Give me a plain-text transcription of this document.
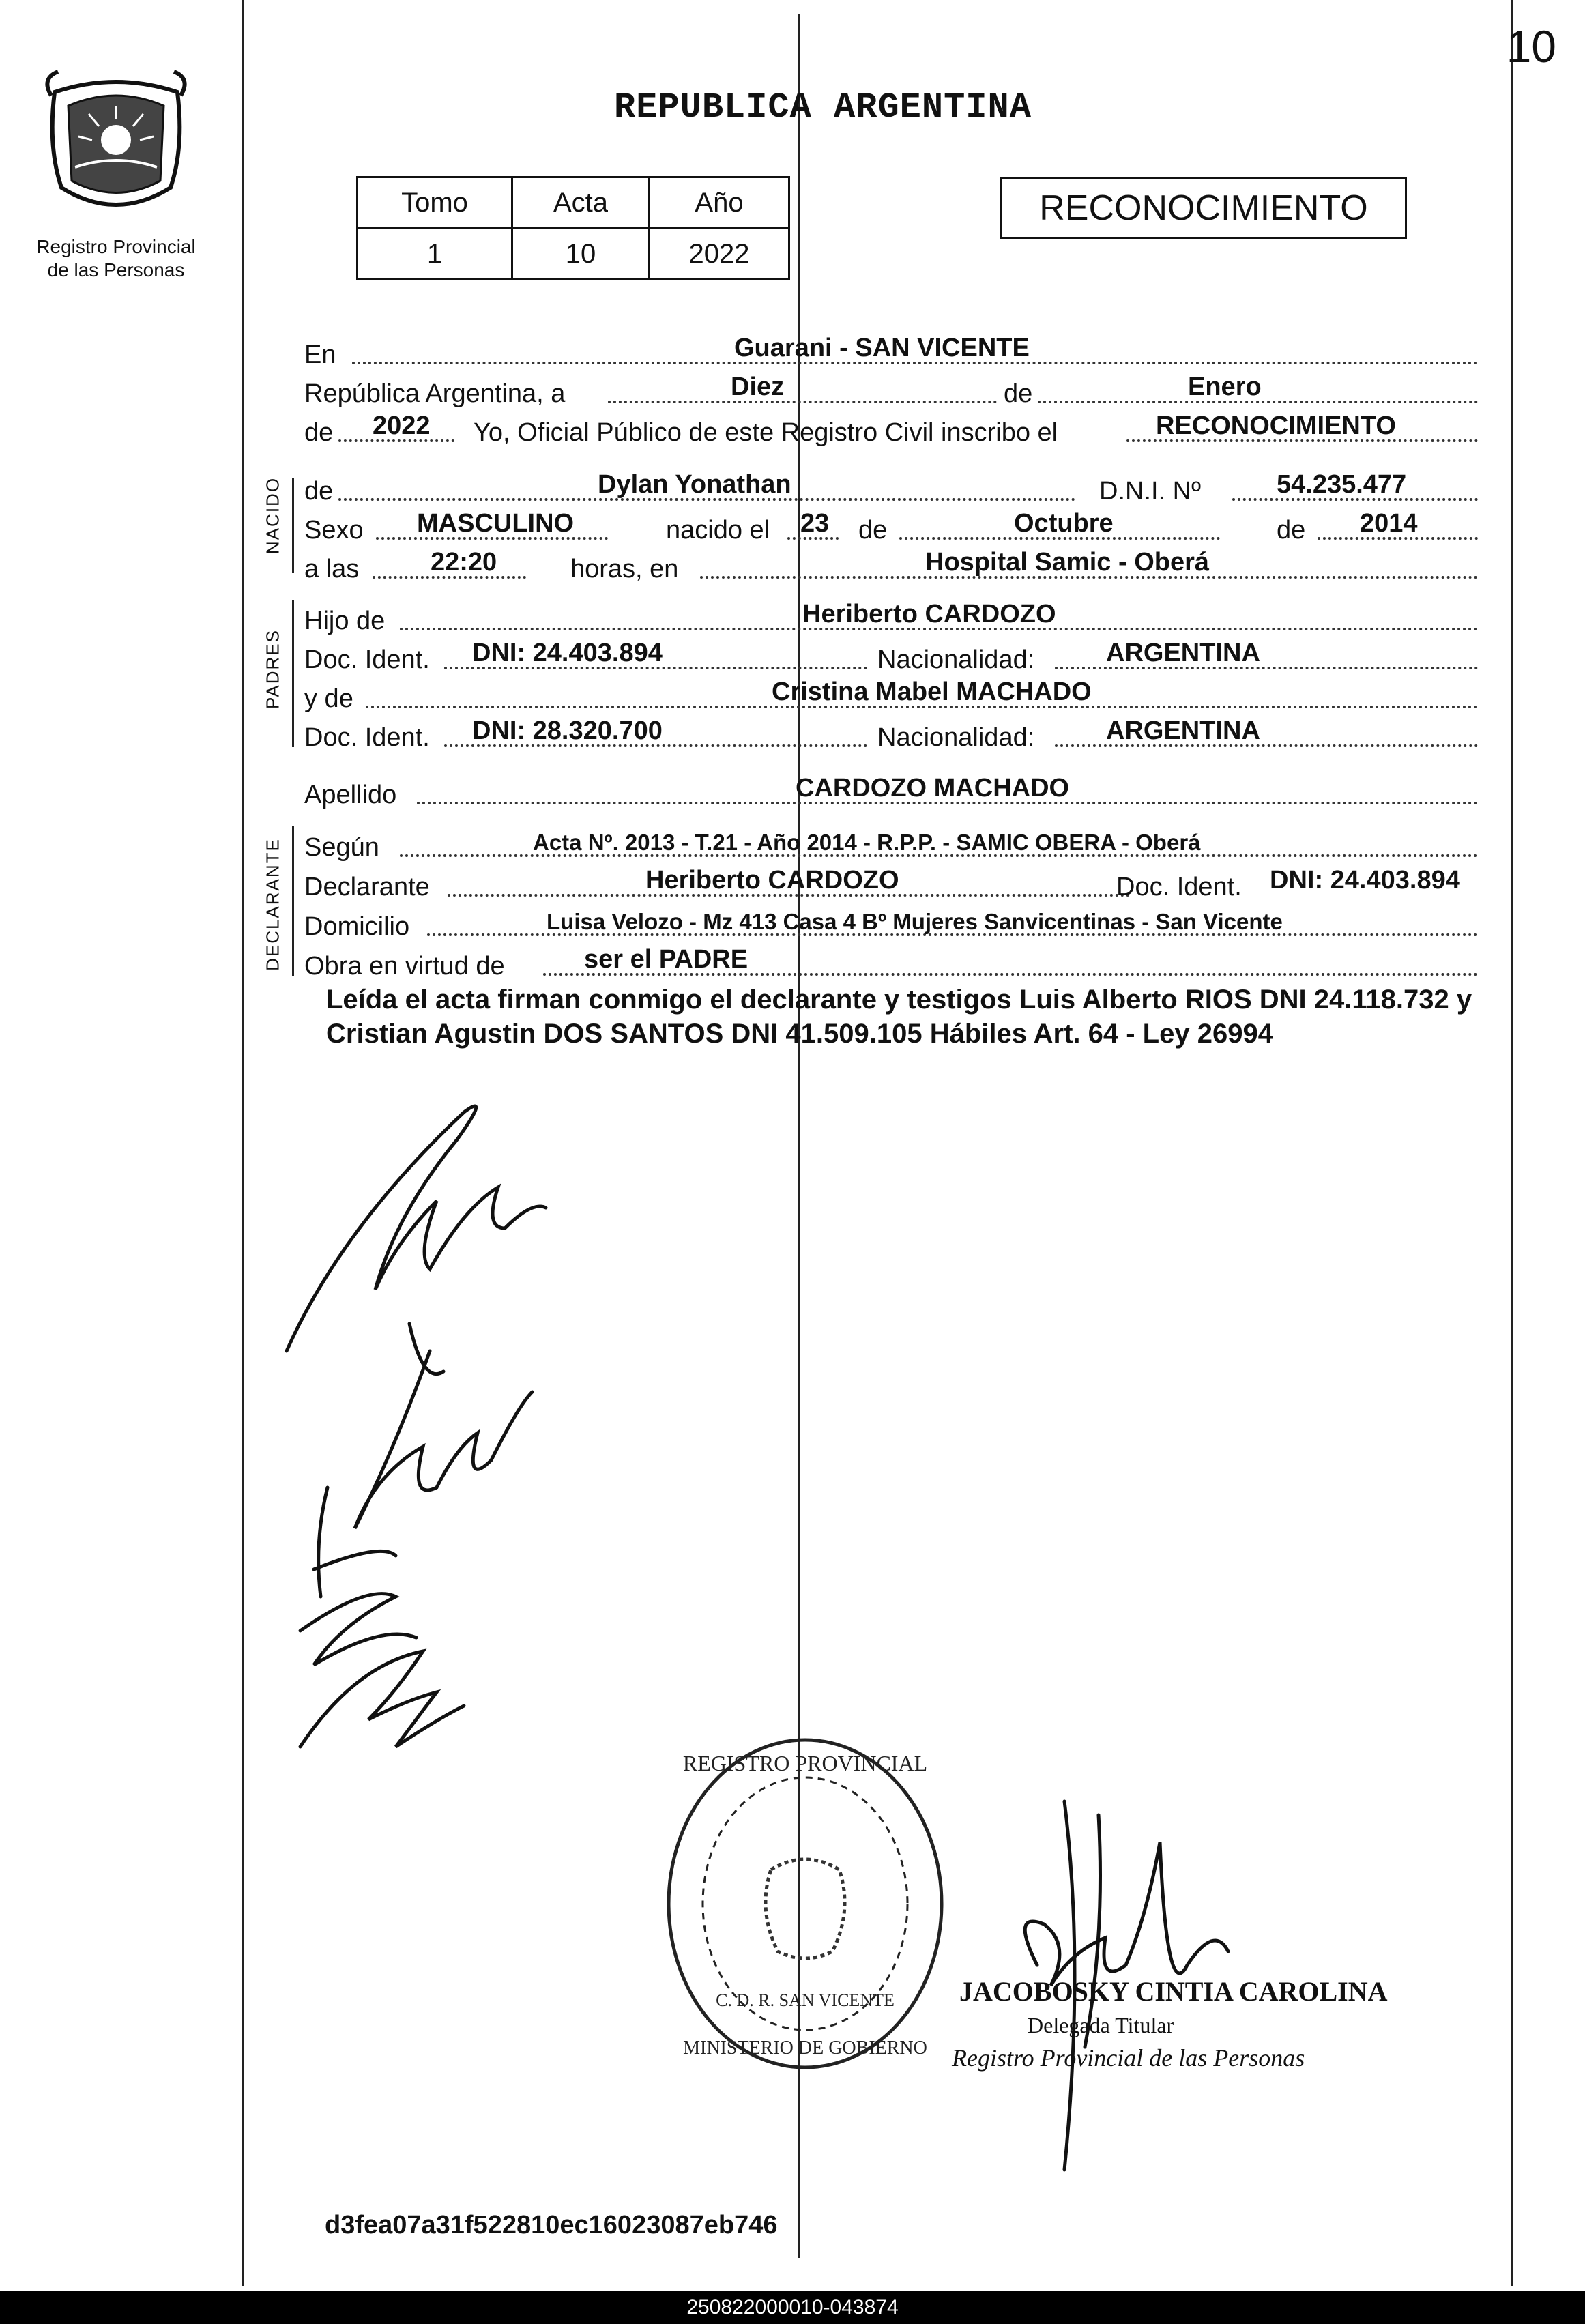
10
Registro Provincial
de las Personas
REPUBLICA ARGENTINA
Tomo	Acta	Año
1	10	2022
RECONOCIMIENTO
NACIDO
PADRES
DECLARANTE
En	Guarani - SAN VICENTE
República Argentina, a	Diez	de	Enero
de 2022 Yo, Oficial Público de este Registro Civil inscribo el	RECONOCIMIENTO
de	Dylan Yonathan	D.N.I. Nº	54.235.477
Sexo MASCULINO	nacido el 23 de	Octubre	de 2014
a las	22:20	horas, en	Hospital Samic - Oberá
Hijo de	Heriberto CARDOZO
Doc. Ident. DNI: 24.403.894	Nacionalidad:	ARGENTINA
y de	Cristina Mabel MACHADO
Doc. Ident. DNI: 28.320.700	Nacionalidad:	ARGENTINA
Apellido	CARDOZO MACHADO
Según	Acta Nº. 2013 - T.21 - Año 2014 - R.P.P. - SAMIC OBERA - Oberá
Declarante	Heriberto CARDOZO	Doc. Ident. DNI: 24.403.894
Domicilio	Luisa Velozo - Mz 413 Casa 4 Bº Mujeres Sanvicentinas - San Vicente
Obra en virtud de	ser el PADRE
Leída el acta firman conmigo el declarante y testigos Luis Alberto RIOS DNI 24.118.732 y Cristian Agustin DOS SANTOS DNI 41.509.105 Hábiles Art. 64 - Ley 26994
REGISTRO PROVINCIAL
MINISTERIO DE GOBIERNO
C. D. R. SAN VICENTE JACOBOSKY CINTIA CAROLINA
Delegada Titular
Registro Provincial de las Personas
d3fea07a31f522810ec16023087eb746
250822000010-043874
